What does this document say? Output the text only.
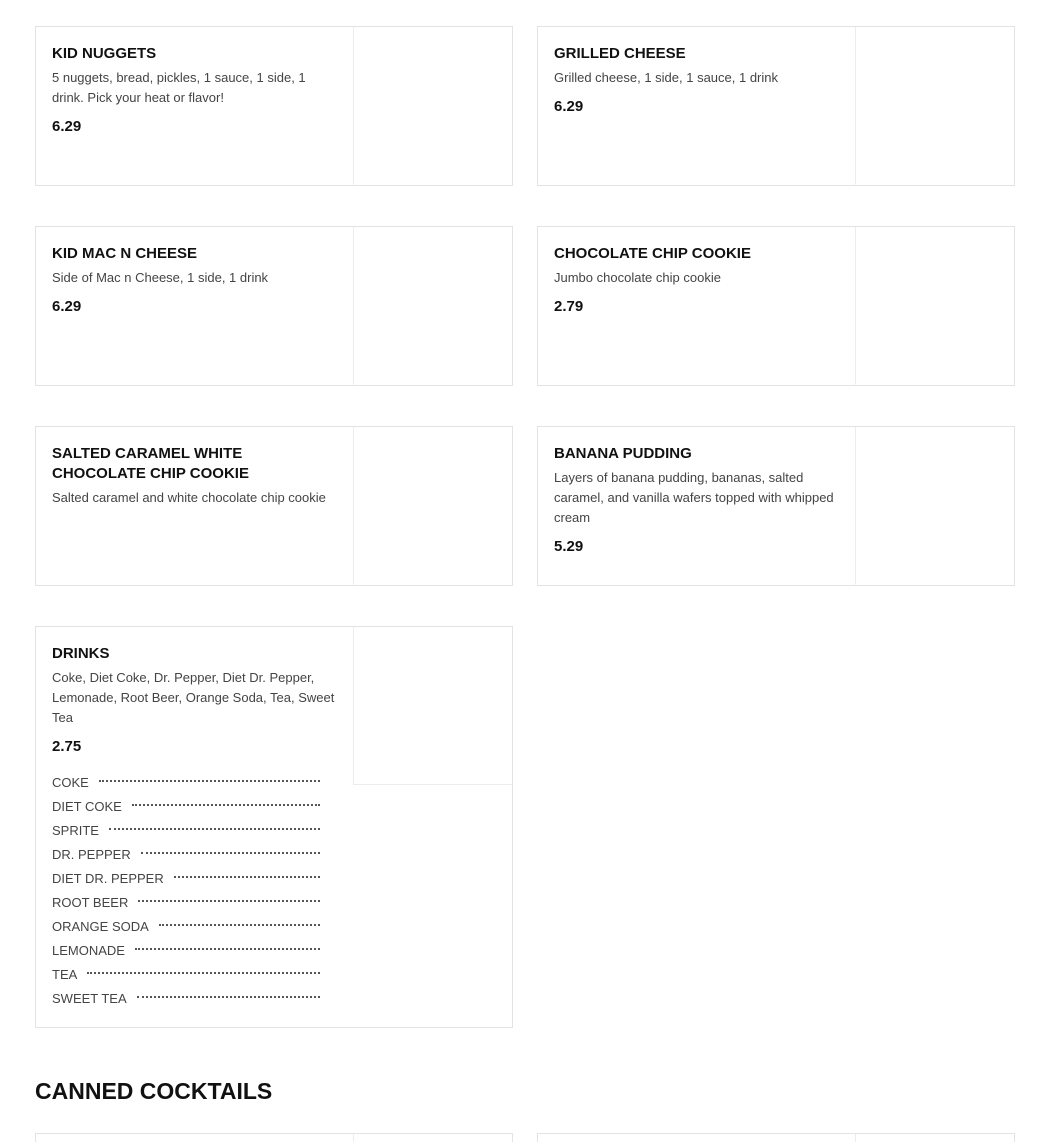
KID NUGGETS
5 nuggets, bread, pickles, 1 sauce, 1 side, 1 drink. Pick your heat or flavor!
6.29
GRILLED CHEESE
Grilled cheese, 1 side, 1 sauce, 1 drink
6.29
KID MAC N CHEESE
Side of Mac n Cheese, 1 side, 1 drink
6.29
CHOCOLATE CHIP COOKIE
Jumbo chocolate chip cookie
2.79
SALTED CARAMEL WHITE CHOCOLATE CHIP COOKIE
Salted caramel and white chocolate chip cookie
BANANA PUDDING
Layers of banana pudding, bananas, salted caramel, and vanilla wafers topped with whipped cream
5.29
DRINKS
Coke, Diet Coke, Dr. Pepper, Diet Dr. Pepper, Lemonade, Root Beer, Orange Soda, Tea, Sweet Tea
2.75
COKE
DIET COKE
SPRITE
DR. PEPPER
DIET DR. PEPPER
ROOT BEER
ORANGE SODA
LEMONADE
TEA
SWEET TEA
CANNED COCKTAILS
